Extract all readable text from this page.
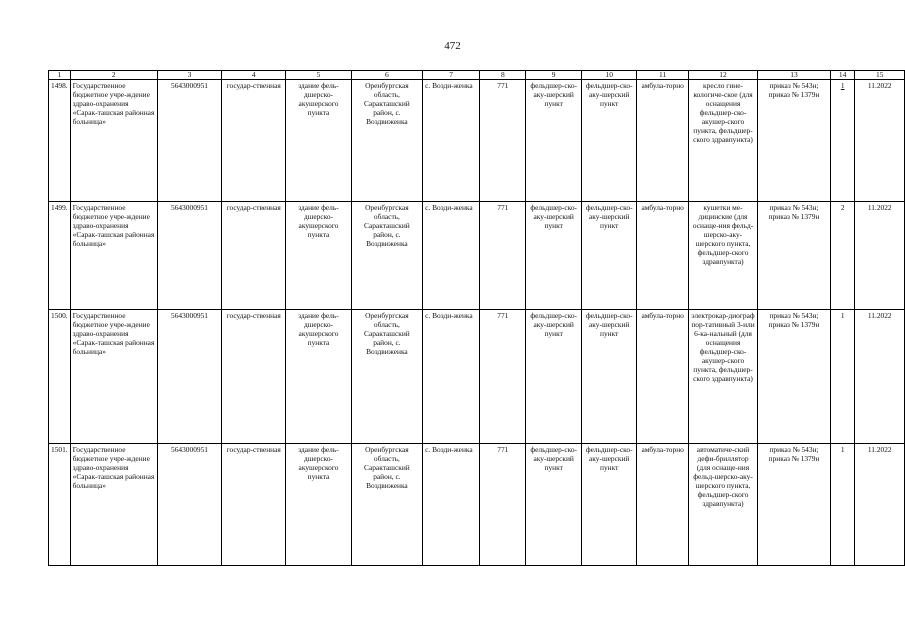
472
1	2	3	4	5	6	7	8	9	10	11	12	13	14	15
1498.	Государственное бюджетное учре-ждение здраво-охранения «Сарак-ташская районная больница»	5643000951	государ-ственная	здание фель-дшерско-акушерского пункта	Оренбургская область, Саракташский район, с. Воздвиженка	с. Возди-женка	771	фельдшер-ско-аку-шерский пункт	фельдшер-ско-аку-шерский пункт	амбула-торно	кресло гине-кологиче-ское (для оснащения фельдшер-ско-акушер-ского пункта, фельдшер-ского здравпункта)	приказ № 543н; приказ № 1379н	1	11.2022
1499.	Государственное бюджетное учре-ждение здраво-охранения «Сарак-ташская районная больница»	5643000951	государ-ственная	здание фель-дшерско-акушерского пункта	Оренбургская область, Саракташский район, с. Воздвиженка	с. Возди-женка	771	фельдшер-ско-аку-шерский пункт	фельдшер-ско-аку-шерский пункт	амбула-торно	кушетки ме-дицинские (для оснаще-ния фельд-шерско-аку-шерского пункта, фельдшер-ского здравпункта)	приказ № 543н; приказ № 1379н	2	11.2022
1500.	Государственное бюджетное учре-ждение здраво-охранения «Сарак-ташская районная больница»	5643000951	государ-ственная	здание фель-дшерско-акушерского пункта	Оренбургская область, Саракташский район, с. Воздвиженка	с. Возди-женка	771	фельдшер-ско-аку-шерский пункт	фельдшер-ско-аку-шерский пункт	амбула-торно	электрокар-диограф пор-тативный 3-или 6-ка-нальный (для оснащения фельдшер-ско-акушер-ского пункта, фельдшер-ского здравпункта)	приказ № 543н; приказ № 1379н	1	11.2022
1501.	Государственное бюджетное учре-ждение здраво-охранения «Сарак-ташская районная больница»	5643000951	государ-ственная	здание фель-дшерско-акушерского пункта	Оренбургская область, Саракташский район, с. Воздвиженка	с. Возди-женка	771	фельдшер-ско-аку-шерский пункт	фельдшер-ско-аку-шерский пункт	амбула-торно	автоматиче-ский дефи-бриллятор (для оснаще-ния фельд-шерско-аку-шерского пункта, фельдшер-ского здравпункта)	приказ № 543н; приказ № 1379н	1	11.2022
